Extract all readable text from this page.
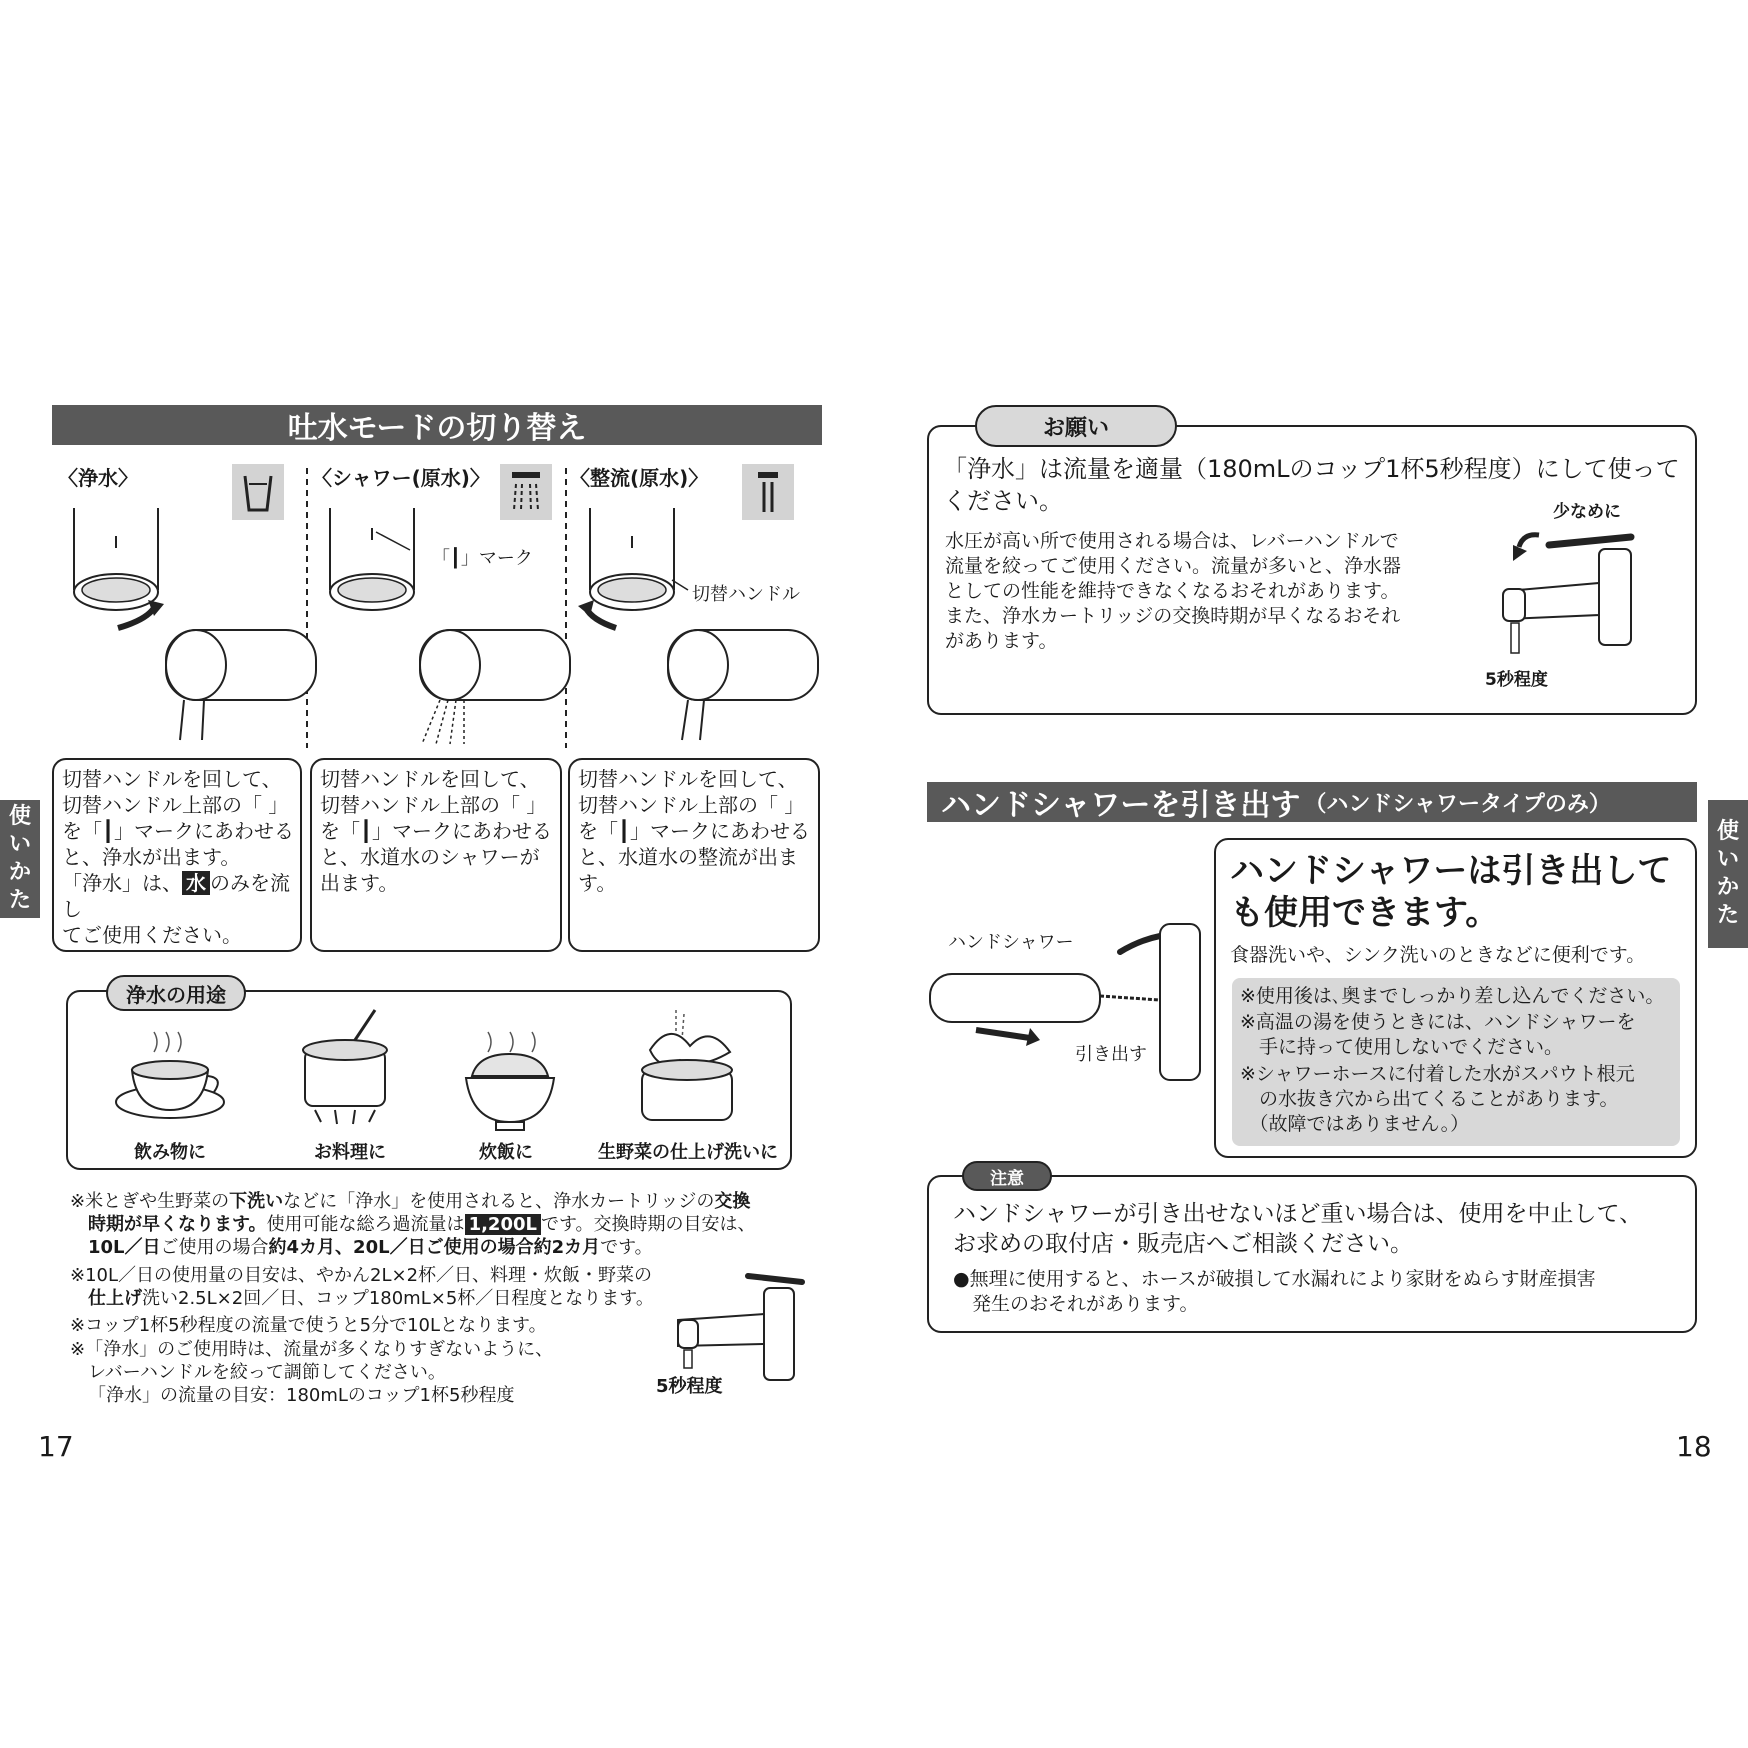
吐水モードの切り替え
〈浄水〉	〈シャワー(原水)〉	〈整流(原水)〉
「┃」マーク
切替ハンドル
切替ハンドルを回して、
切替ハンドル上部の「 」
を「┃」マークにあわせる
と、浄水が出ます。
「浄水」は、 水 のみを流し
てご使用ください。
切替ハンドルを回して、
切替ハンドル上部の「 」
を「┃」マークにあわせる
と、水道水のシャワーが
出ます。
切替ハンドルを回して、
切替ハンドル上部の「 」
を「┃」マークにあわせる
と、水道水の整流が出ま
す。
浄水の用途
飲み物に	お料理に	炊飯に	生野菜の仕上げ洗いに
※米とぎや生野菜の下洗いなどに「浄水」を使用されると、浄水カートリッジの交換
時期が早くなります。使用可能な総ろ過流量は 1,200L です。交換時期の目安は、
10L／日ご使用の場合約4カ月、20L／日ご使用の場合約2カ月です。
※10L／日の使用量の目安は、やかん2L×2杯／日、料理・炊飯・野菜の
仕上げ洗い2.5L×2回／日、コップ180mL×5杯／日程度となります。
※コップ1杯5秒程度の流量で使うと5分で10Lとなります。
※「浄水」のご使用時は、流量が多くなりすぎないように、
レバーハンドルを絞って調節してください。
「浄水」の流量の目安：180mLのコップ1杯5秒程度	5秒程度
17
使
い
か
た
「浄水」は流量を適量（180mLのコップ1杯5秒程度）にして使って
ください。
水圧が高い所で使用される場合は、レバーハンドルで
流量を絞ってご使用ください。流量が多いと、浄水器
としての性能を維持できなくなるおそれがあります。
また、浄水カートリッジの交換時期が早くなるおそれ
があります。
少なめに
5秒程度
お願い
ハンドシャワーを引き出す （ハンドシャワータイプのみ）
ハンドシャワー
引き出す
ハンドシャワーは引き出して
も使用できます。
食器洗いや、シンク洗いのときなどに便利です。
※使用後は､奥までしっかり差し込んでください。
※高温の湯を使うときには、ハンドシャワーを
　手に持って使用しないでください。
※シャワーホースに付着した水がスパウト根元
　の水抜き穴から出てくることがあります。
　（故障ではありません。）
ハンドシャワーが引き出せないほど重い場合は、使用を中止して、
お求めの取付店・販売店へご相談ください。
●無理に使用すると、ホースが破損して水漏れにより家財をぬらす財産損害
　発生のおそれがあります。
注意
18
使
い
か
た
